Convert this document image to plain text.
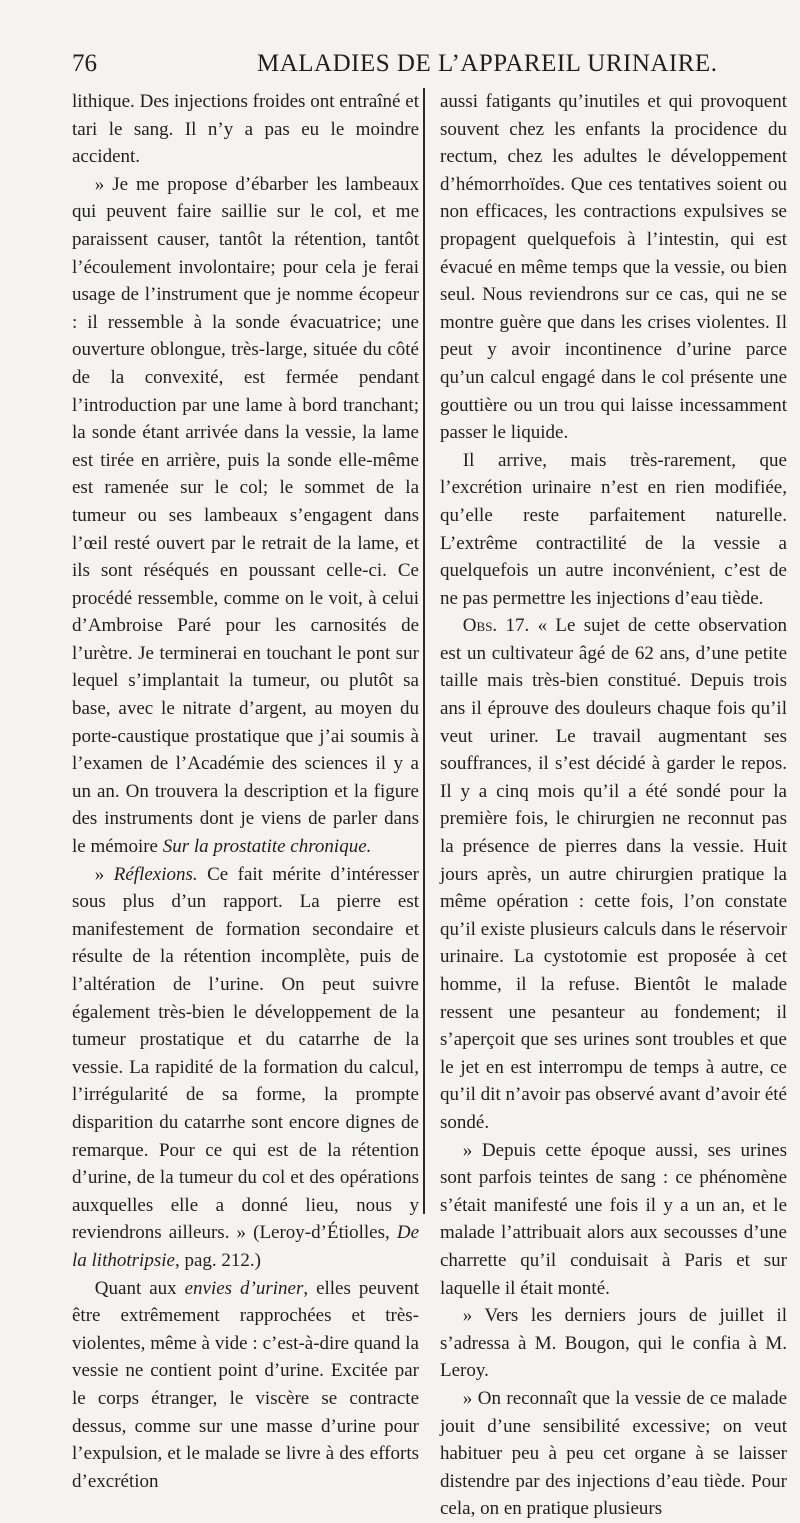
76	MALADIES DE L’APPAREIL URINAIRE.

lithique. Des injections froides ont entraîné et tari le sang. Il n’y a pas eu le moindre accident.

» Je me propose d’ébarber les lambeaux qui peuvent faire saillie sur le col, et me paraissent causer, tantôt la rétention, tantôt l’écoulement involontaire; pour cela je ferai usage de l’instrument que je nomme écopeur : il ressemble à la sonde évacuatrice; une ouverture oblongue, très-large, située du côté de la convexité, est fermée pendant l’introduction par une lame à bord tranchant; la sonde étant arrivée dans la vessie, la lame est tirée en arrière, puis la sonde elle-même est ramenée sur le col; le sommet de la tumeur ou ses lambeaux s’engagent dans l’œil resté ouvert par le retrait de la lame, et ils sont réséqués en poussant celle-ci. Ce procédé ressemble, comme on le voit, à celui d’Ambroise Paré pour les carnosités de l’urètre. Je terminerai en touchant le pont sur lequel s’implantait la tumeur, ou plutôt sa base, avec le nitrate d’argent, au moyen du porte-caustique prostatique que j’ai soumis à l’examen de l’Académie des sciences il y a un an. On trouvera la description et la figure des instruments dont je viens de parler dans le mémoire Sur la prostatite chronique.

» Réflexions. Ce fait mérite d’intéresser sous plus d’un rapport. La pierre est manifestement de formation secondaire et résulte de la rétention incomplète, puis de l’altération de l’urine. On peut suivre également très-bien le développement de la tumeur prostatique et du catarrhe de la vessie. La rapidité de la formation du calcul, l’irrégularité de sa forme, la prompte disparition du catarrhe sont encore dignes de remarque. Pour ce qui est de la rétention d’urine, de la tumeur du col et des opérations auxquelles elle a donné lieu, nous y reviendrons ailleurs. » (Leroy-d’Étiolles, De la lithotripsie, pag. 212.)

Quant aux envies d’uriner, elles peuvent être extrêmement rapprochées et très-violentes, même à vide : c’est-à-dire quand la vessie ne contient point d’urine. Excitée par le corps étranger, le viscère se contracte dessus, comme sur une masse d’urine pour l’expulsion, et le malade se livre à des efforts d’excrétion

aussi fatigants qu’inutiles et qui provoquent souvent chez les enfants la procidence du rectum, chez les adultes le développement d’hémorrhoïdes. Que ces tentatives soient ou non efficaces, les contractions expulsives se propagent quelquefois à l’intestin, qui est évacué en même temps que la vessie, ou bien seul. Nous reviendrons sur ce cas, qui ne se montre guère que dans les crises violentes. Il peut y avoir incontinence d’urine parce qu’un calcul engagé dans le col présente une gouttière ou un trou qui laisse incessamment passer le liquide.

Il arrive, mais très-rarement, que l’excrétion urinaire n’est en rien modifiée, qu’elle reste parfaitement naturelle. L’extrême contractilité de la vessie a quelquefois un autre inconvénient, c’est de ne pas permettre les injections d’eau tiède.

Obs. 17. « Le sujet de cette observation est un cultivateur âgé de 62 ans, d’une petite taille mais très-bien constitué. Depuis trois ans il éprouve des douleurs chaque fois qu’il veut uriner. Le travail augmentant ses souffrances, il s’est décidé à garder le repos. Il y a cinq mois qu’il a été sondé pour la première fois, le chirurgien ne reconnut pas la présence de pierres dans la vessie. Huit jours après, un autre chirurgien pratique la même opération : cette fois, l’on constate qu’il existe plusieurs calculs dans le réservoir urinaire. La cystotomie est proposée à cet homme, il la refuse. Bientôt le malade ressent une pesanteur au fondement; il s’aperçoit que ses urines sont troubles et que le jet en est interrompu de temps à autre, ce qu’il dit n’avoir pas observé avant d’avoir été sondé.

» Depuis cette époque aussi, ses urines sont parfois teintes de sang : ce phénomène s’était manifesté une fois il y a un an, et le malade l’attribuait alors aux secousses d’une charrette qu’il conduisait à Paris et sur laquelle il était monté.

» Vers les derniers jours de juillet il s’adressa à M. Bougon, qui le confia à M. Leroy.

» On reconnaît que la vessie de ce malade jouit d’une sensibilité excessive; on veut habituer peu à peu cet organe à se laisser distendre par des injections d’eau tiède. Pour cela, on en pratique plusieurs
